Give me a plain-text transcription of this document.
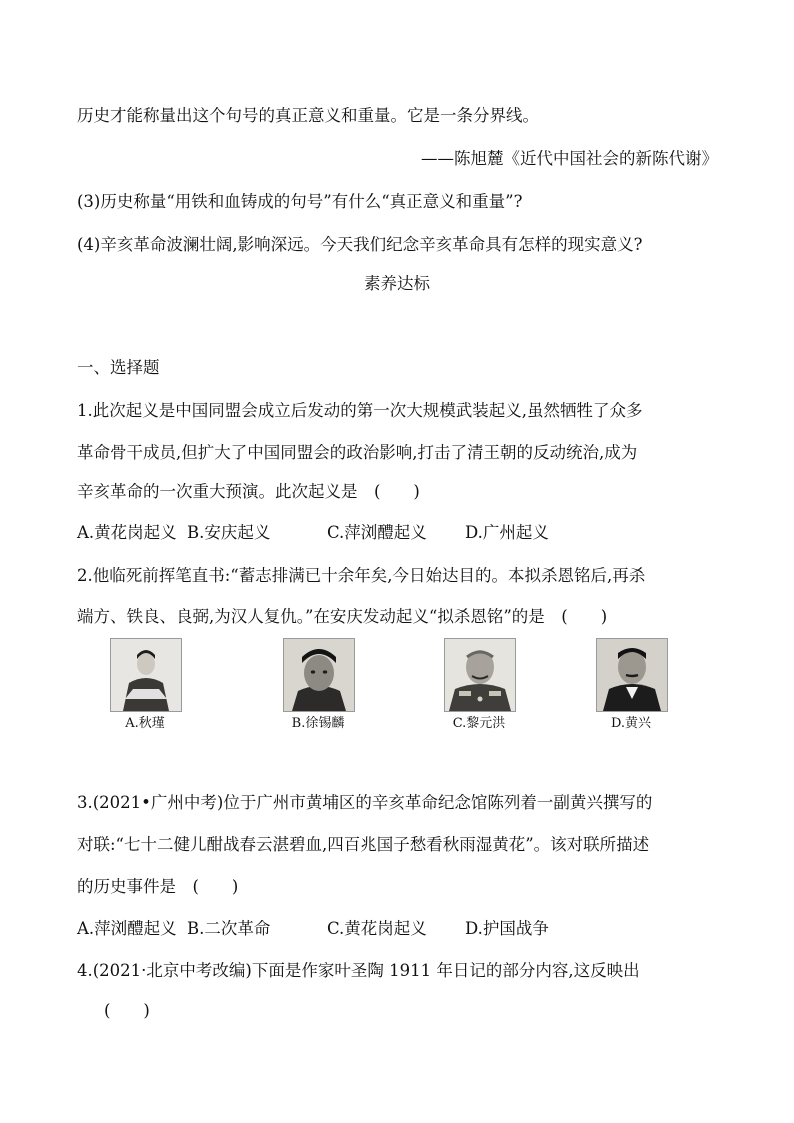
历史才能称量出这个句号的真正意义和重量。它是一条分界线。
——陈旭麓《近代中国社会的新陈代谢》
(3)历史称量“用铁和血铸成的句号”有什么“真正意义和重量”?
(4)辛亥革命波澜壮阔,影响深远。今天我们纪念辛亥革命具有怎样的现实意义?
素养达标
一、选择题
1.此次起义是中国同盟会成立后发动的第一次大规模武装起义,虽然牺牲了众多
革命骨干成员,但扩大了中国同盟会的政治影响,打击了清王朝的反动统治,成为
辛亥革命的一次重大预演。此次起义是　(　　)
A.黄花岗起义 B.安庆起义	C.萍浏醴起义 D.广州起义
2.他临死前挥笔直书:“蓄志排满已十余年矣,今日始达目的。本拟杀恩铭后,再杀
端方、铁良、良弼,为汉人复仇。”在安庆发动起义“拟杀恩铭”的是　(　　)
A.秋瑾	B.徐锡麟	C.黎元洪	D.黄兴
3.(2021•广州中考)位于广州市黄埔区的辛亥革命纪念馆陈列着一副黄兴撰写的
对联:“七十二健儿酣战春云湛碧血,四百兆国子愁看秋雨湿黄花”。该对联所描述
的历史事件是　(　　)
A.萍浏醴起义 B.二次革命	C.黄花岗起义 D.护国战争
4.(2021·北京中考改编)下面是作家叶圣陶 1911 年日记的部分内容,这反映出
(　　)
